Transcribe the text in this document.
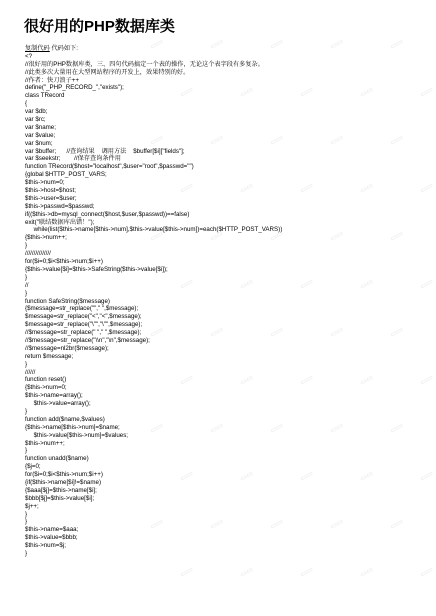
很好用的PHP数据库类
复制代码 代码如下:
<?
//很好用的PHP数据库类，三、四句代码搞定一个表的操作，无论这个表字段有多复杂。
//此类多次大量用在大型网站程序的开发上，效果特别的好。
//作者：快刀浪子++
define("_PHP_RECORD_","exists");
class TRecord
{
var $db;
var $rc;
var $name;
var $value;
var $num;
var $buffer;      //查询结果    调用方法    $buffer[$i]["fields"];
var $seekstr;        //保存查询条件用
function TRecord($host="localhost",$user="root",$passwd="")
{global $HTTP_POST_VARS;
$this->num=0;
$this->host=$host;
$this->user=$user;
$this->passwd=$passwd;
if(($this->db=mysql_connect($host,$user,$passwd))==false)
exit("联结数据库出错！");
while(list($this->name[$this->num],$this->value[$this->num])=each($HTTP_POST_VARS))
{$this->num++;
}
///////////////
for($i=0;$i<$this->num;$i++)
{$this->value[$i]=$this->SafeString($this->value[$i]);
}
//
}
function SafeString($message)
{$message=str_replace(""," ",$message);
$message=str_replace("<","<",$message);
$message=str_replace("\"","\"",$message);
//$message=str_replace(" "," ",$message);
//$message=str_replace("\\n","\n",$message);
//$message=nl2br($message);
return $message;
}
//////
function reset()
{$this->num=0;
$this->name=array();
$this->value=array();
}
function add($name,$values)
{$this->name[$this->num]=$name;
$this->value[$this->num]=$values;
$this->num++;
}
function unadd($name)
{$j=0;
for($i=0;$i<$this->num;$i++)
{if($this->name[$i]!=$name)
{$aaa[$j]=$this->name[$i];
$bbb[$j]=$this->value[$i];
$j++;
}
}
$this->name=$aaa;
$this->value=$bbb;
$this->num=$j;
}
▭▭	▭▭	▭▭	▭▭	▭▭
▭▭	▭▭	▭▭	▭▭	▭▭
▭▭	▭▭	▭▭	▭▭	▭▭
▭▭	▭▭	▭▭	▭▭	▭▭
▭▭	▭▭	▭▭	▭▭	▭▭
▭▭	▭▭	▭▭	▭▭	▭▭
▭▭	▭▭	▭▭	▭▭	▭▭
▭▭	▭▭	▭▭	▭▭	▭▭
▭▭	▭▭	▭▭	▭▭	▭▭
▭▭	▭▭	▭▭	▭▭	▭▭
▭▭	▭▭	▭▭	▭▭	▭▭
▭▭	▭▭	▭▭	▭▭	▭▭
